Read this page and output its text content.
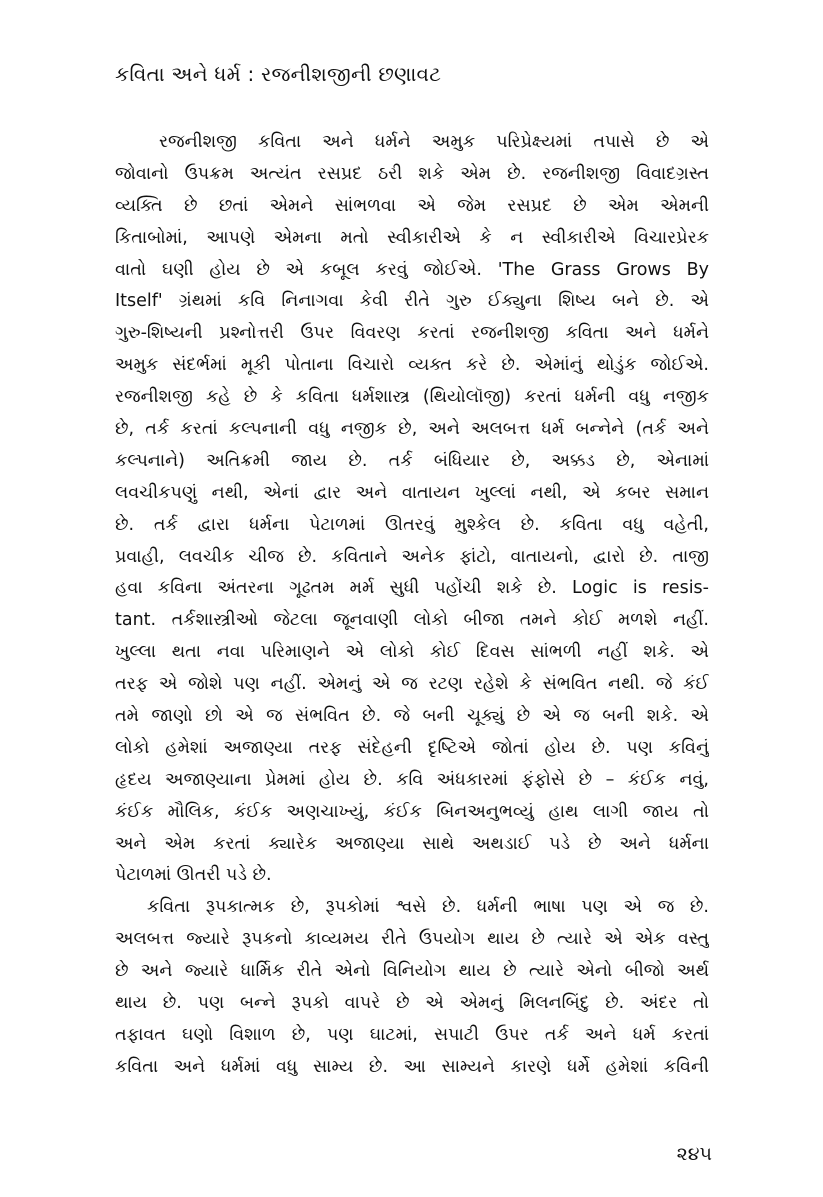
કવિતા અને ધર્મ : રજનીશજીની છણાવટ
રજનીશજી કવિતા અને ધર્મને અમુક પરિપ્રેક્ષ્યમાં તપાસે છે એ
જોવાનો ઉપક્રમ અત્યંત રસપ્રદ ઠરી શકે એમ છે. રજનીશજી વિવાદગ્રસ્ત
વ્યક્તિ છે છતાં એમને સાંભળવા એ જેમ રસપ્રદ છે એમ એમની
કિતાબોમાં, આપણે એમના મતો સ્વીકારીએ કે ન સ્વીકારીએ વિચારપ્રેરક
વાતો ઘણી હોય છે એ કબૂલ કરવું જોઈએ. 'The Grass Grows By
Itself' ગ્રંથમાં કવિ નિનાગવા કેવી રીતે ગુરુ ઈક્યુના શિષ્ય બને છે. એ
ગુરુ-શિષ્યની પ્રશ્નોત્તરી ઉપર વિવરણ કરતાં રજનીશજી કવિતા અને ધર્મને
અમુક સંદર્ભમાં મૂકી પોતાના વિચારો વ્યક્ત કરે છે. એમાંનું થોડુંક જોઈએ.
રજનીશજી કહે છે કે કવિતા ધર્મશાસ્ત્ર (થિયોલૉજી) કરતાં ધર્મની વધુ નજીક
છે, તર્ક કરતાં કલ્પનાની વધુ નજીક છે, અને અલબત્ત ધર્મ બન્નેને (તર્ક અને
કલ્પનાને) અતિક્રમી જાય છે. તર્ક બંધિયાર છે, અક્કડ છે, એનામાં
લવચીકપણું નથી, એનાં દ્વાર અને વાતાયન ખુલ્લાં નથી, એ કબર સમાન
છે. તર્ક દ્વારા ધર્મના પેટાળમાં ઊતરવું મુશ્કેલ છે. કવિતા વધુ વહેતી,
પ્રવાહી, લવચીક ચીજ છે. કવિતાને અનેક ફાંટો, વાતાયનો, દ્વારો છે. તાજી
હવા કવિના અંતરના ગૂઢતમ મર્મ સુધી પહોંચી શકે છે. Logic is resis-
tant. તર્કશાસ્ત્રીઓ જેટલા જૂનવાણી લોકો બીજા તમને કોઈ મળશે નહીં.
ખુલ્લા થતા નવા પરિમાણને એ લોકો કોઈ દિવસ સાંભળી નહીં શકે. એ
તરફ એ જોશે પણ નહીં. એમનું એ જ રટણ રહેશે કે સંભવિત નથી. જે કંઈ
તમે જાણો છો એ જ સંભવિત છે. જે બની ચૂક્યું છે એ જ બની શકે. એ
લોકો હમેશાં અજાણ્યા તરફ સંદેહની દૃષ્ટિએ જોતાં હોય છે. પણ કવિનું
હૃદય અજાણ્યાના પ્રેમમાં હોય છે. કવિ અંધકારમાં ફંફોસે છે – કંઈક નવું,
કંઈક મૌલિક, કંઈક અણચાખ્યું, કંઈક બિનઅનુભવ્યું હાથ લાગી જાય તો
અને એમ કરતાં ક્યારેક અજાણ્યા સાથે અથડાઈ પડે છે અને ધર્મના
પેટાળમાં ઊતરી પડે છે.
કવિતા રૂપકાત્મક છે, રૂપકોમાં શ્વસે છે. ધર્મની ભાષા પણ એ જ છે.
અલબત્ત જ્યારે રૂપકનો કાવ્યમય રીતે ઉપયોગ થાય છે ત્યારે એ એક વસ્તુ
છે અને જ્યારે ધાર્મિક રીતે એનો વિનિયોગ થાય છે ત્યારે એનો બીજો અર્થ
થાય છે. પણ બન્ને રૂપકો વાપરે છે એ એમનું મિલનબિંદુ છે. અંદર તો
તફાવત ઘણો વિશાળ છે, પણ ઘાટમાં, સપાટી ઉપર તર્ક અને ધર્મ કરતાં
કવિતા અને ધર્મમાં વધુ સામ્ય છે. આ સામ્યને કારણે ધર્મે હમેશાં કવિની
૨૪૫
